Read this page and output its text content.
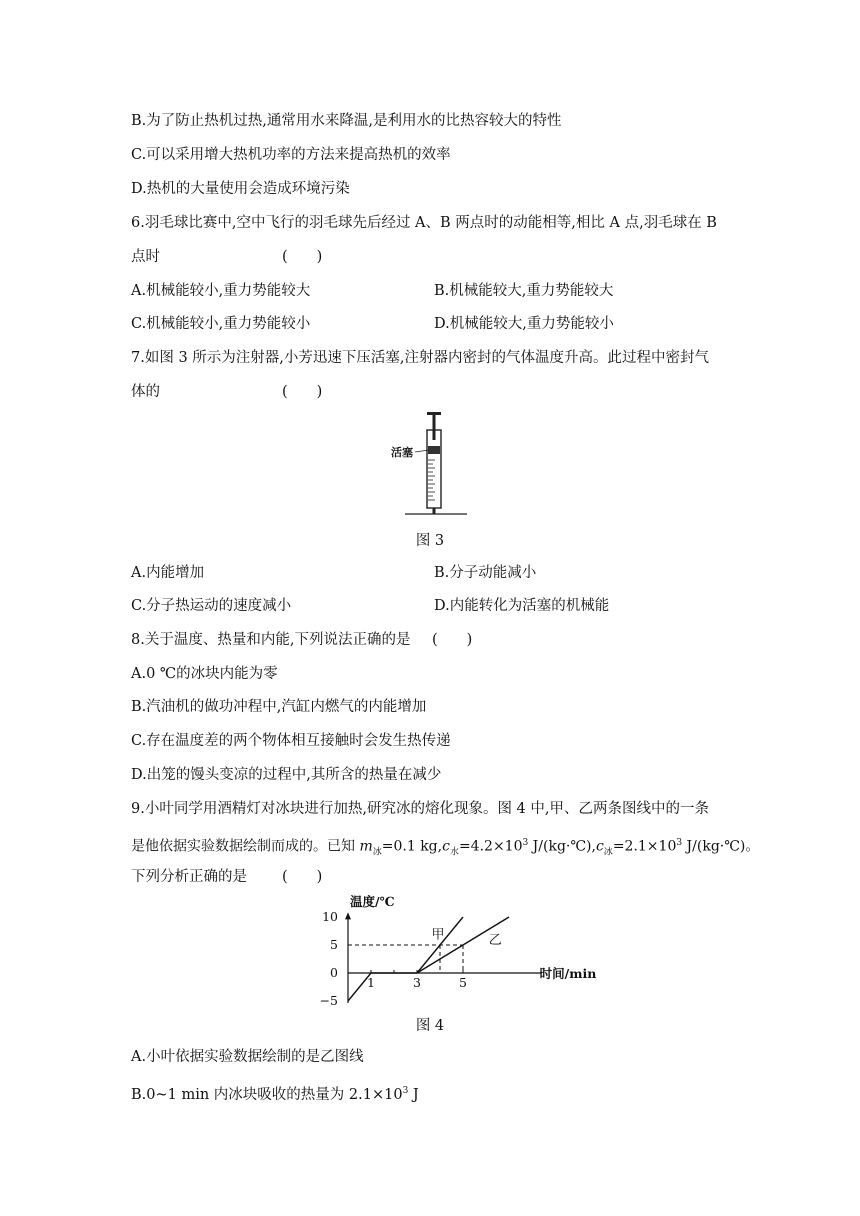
B.为了防止热机过热,通常用水来降温,是利用水的比热容较大的特性
C.可以采用增大热机功率的方法来提高热机的效率
D.热机的大量使用会造成环境污染
6.羽毛球比赛中,空中飞行的羽毛球先后经过 A、B 两点时的动能相等,相比 A 点,羽毛球在 B
点时	(　　)
A.机械能较小,重力势能较大	B.机械能较大,重力势能较大
C.机械能较小,重力势能较小	D.机械能较大,重力势能较小
7.如图 3 所示为注射器,小芳迅速下压活塞,注射器内密封的气体温度升高。此过程中密封气
体的	(　　)
活塞
图 3
A.内能增加	B.分子动能减小
C.分子热运动的速度减小	D.内能转化为活塞的机械能
8.关于温度、热量和内能,下列说法正确的是 (　　)
A.0 ℃的冰块内能为零
B.汽油机的做功冲程中,汽缸内燃气的内能增加
C.存在温度差的两个物体相互接触时会发生热传递
D.出笼的馒头变凉的过程中,其所含的热量在减少
9.小叶同学用酒精灯对冰块进行加热,研究冰的熔化现象。图 4 中,甲、乙两条图线中的一条
是他依据实验数据绘制而成的。已知 $m_冰=0.1$ $kg,c_水=4.2\times 10^3$ $J/(kg\cdot℃),c_冰=2.1\times 10^3$ J/(kg·℃)。
下列分析正确的是 (　　)
温度/℃
时间/min
10
5
0
−5
1	3	5
甲	乙
图 4
A.小叶依据实验数据绘制的是乙图线
B.0~1 min 内冰块吸收的热量为 $2.1\times 10^3$ J
